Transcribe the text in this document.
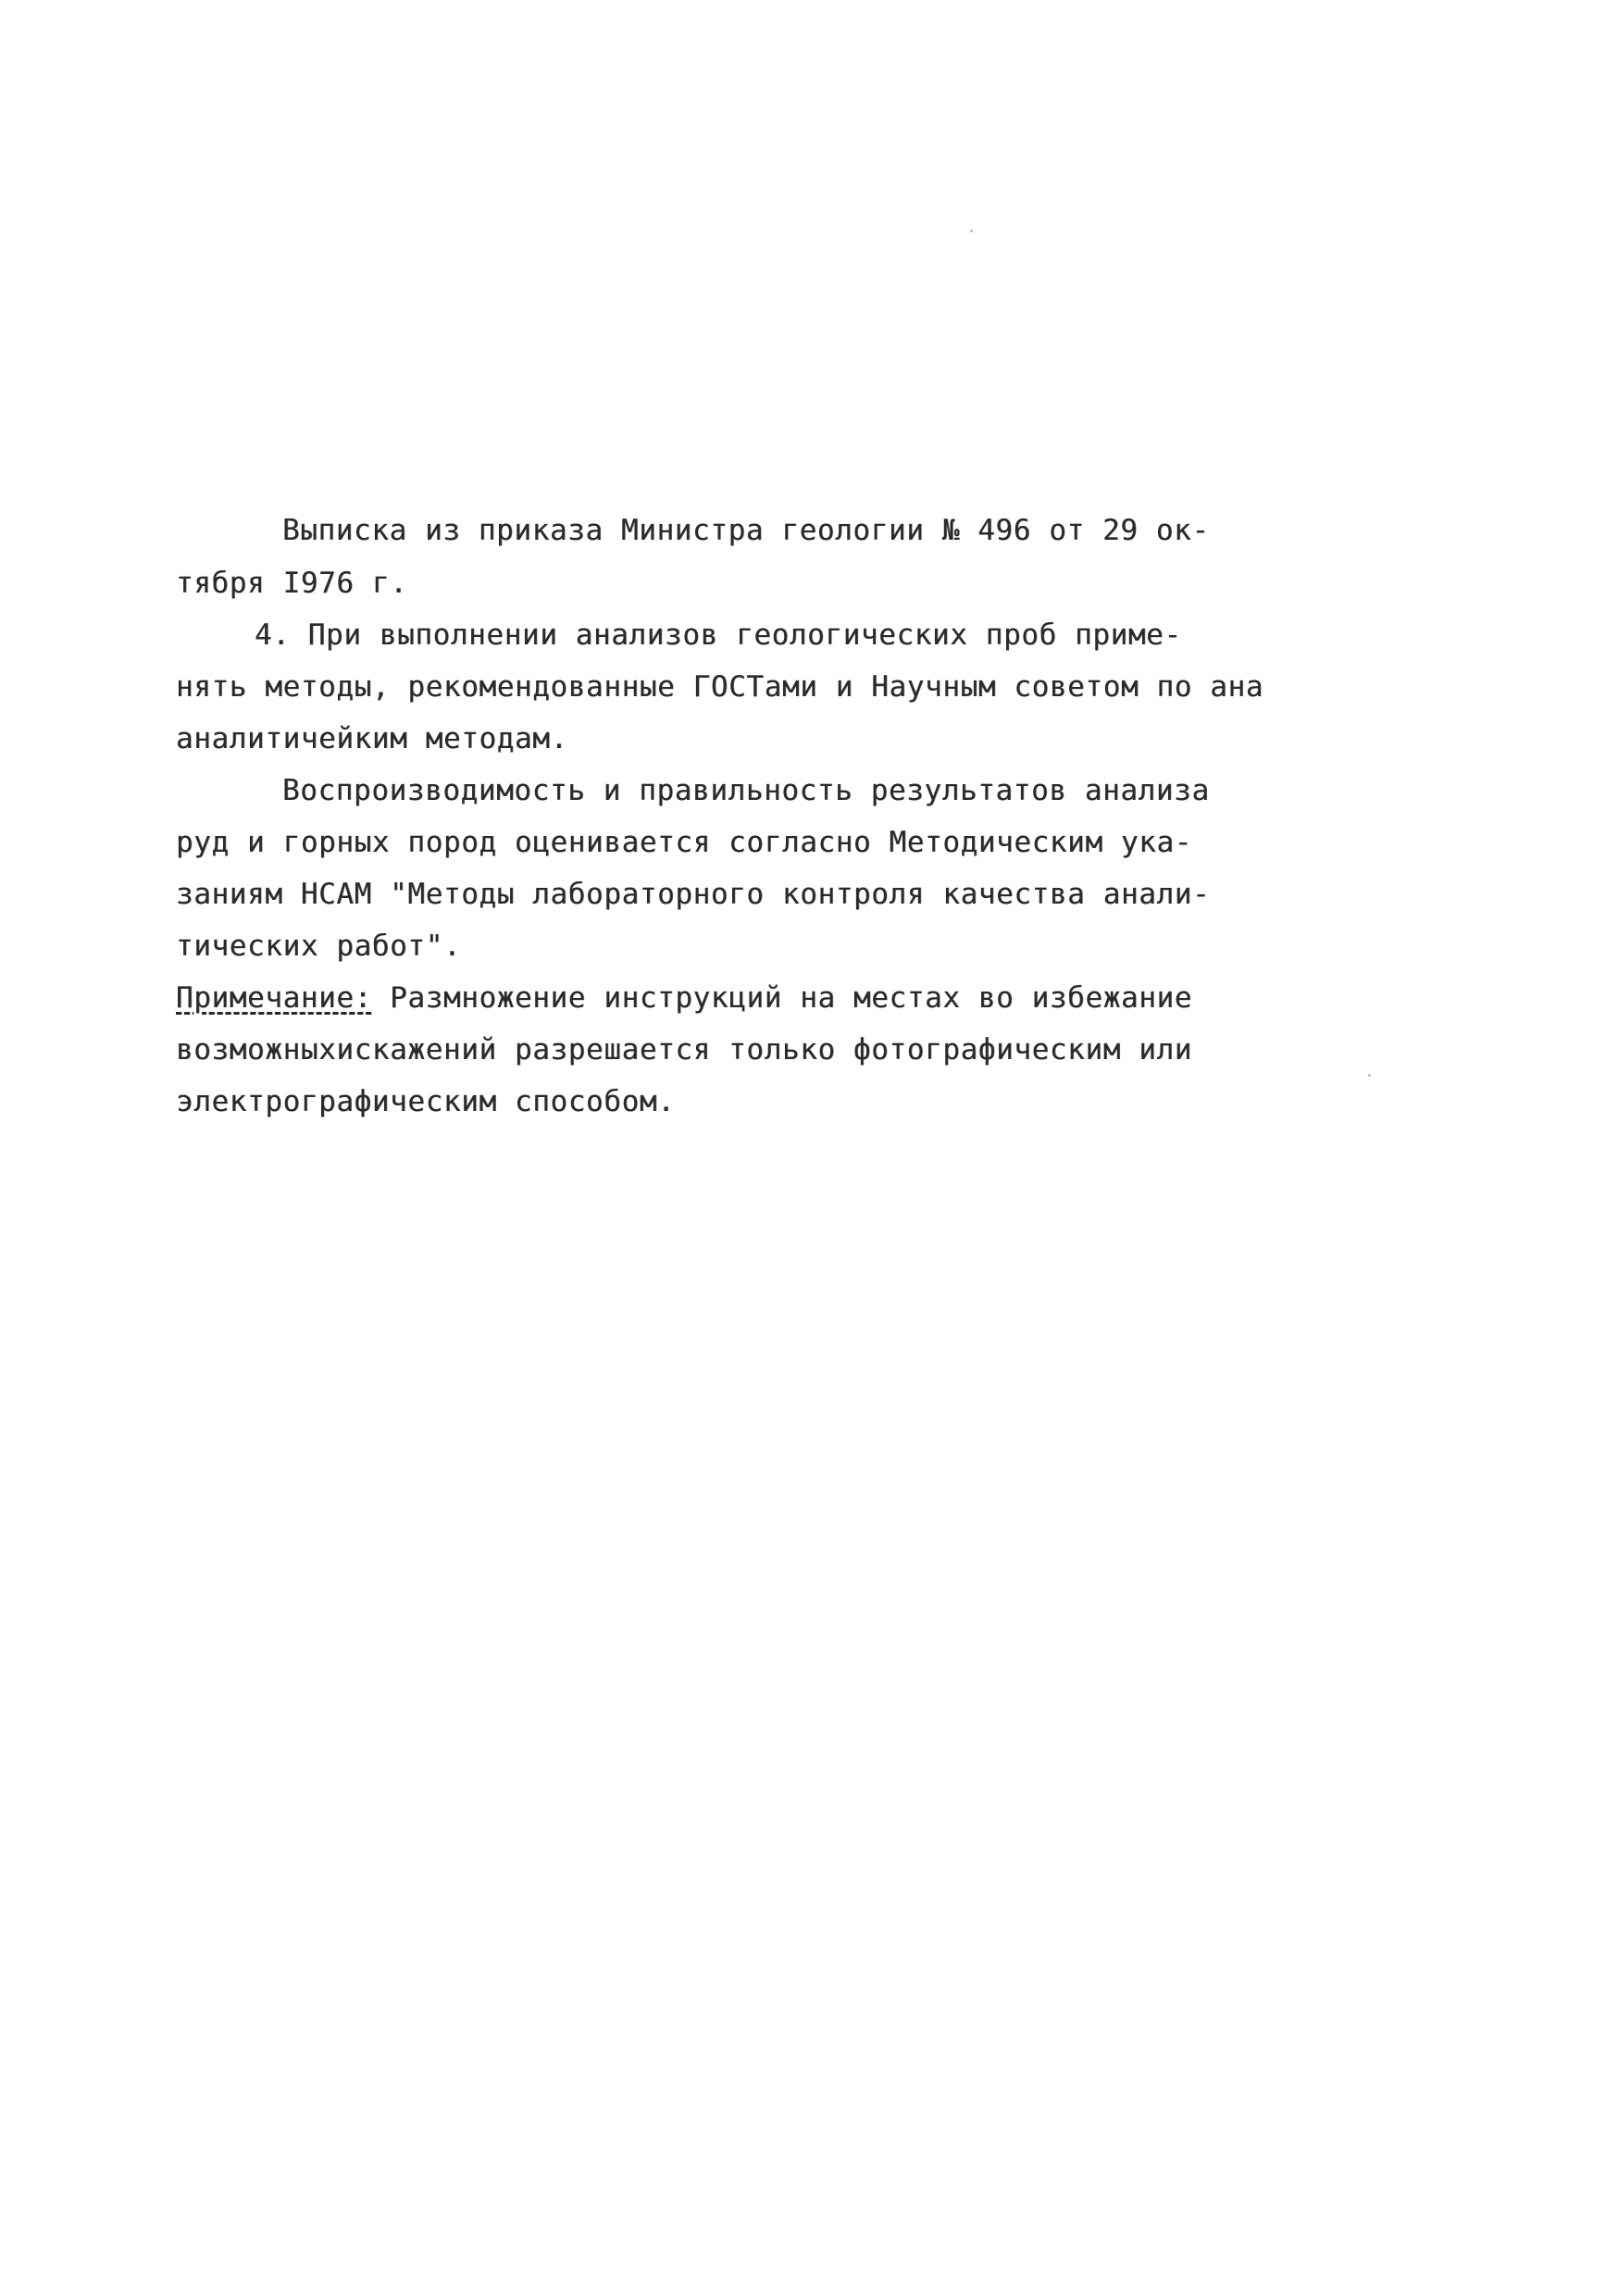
Выписка из приказа Министра геологии № 496 от 29 ок-
тября I976 г.
4. При выполнении анализов геологических проб приме-
нять методы, рекомендованные ГОСТами и Научным советом по ана
аналитичейким методам.
Воспроизводимость и правильность результатов анализа
руд и горных пород оценивается согласно Методическим ука-
заниям НСАМ "Методы лабораторного контроля качества анали-
тических работ".
Примечание: Размножение инструкций на местах во избежание
возможныхискажений разрешается только фотографическим или
электрографическим способом.
